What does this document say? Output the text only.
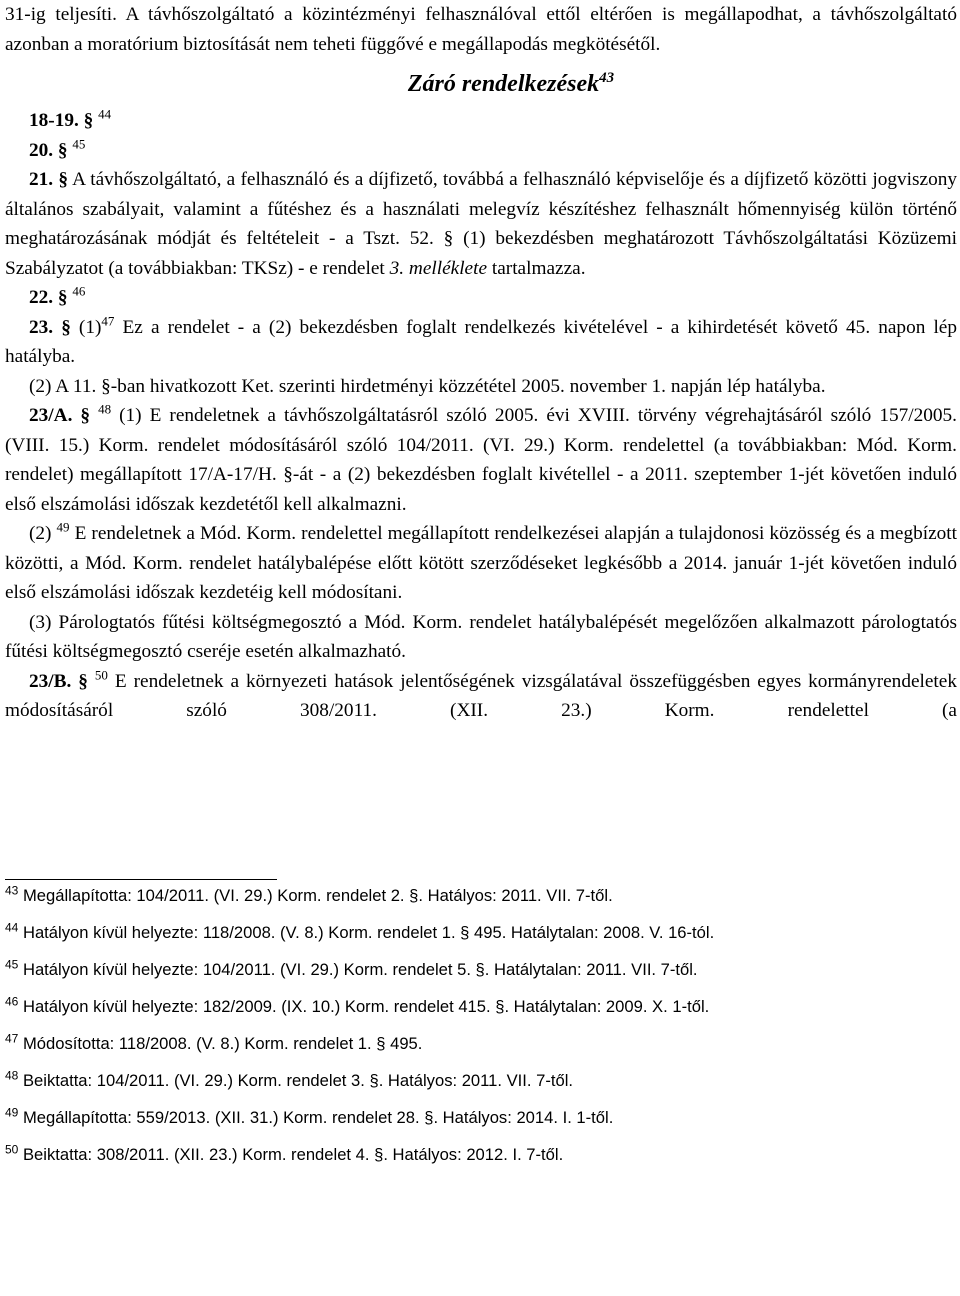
31-ig teljesíti. A távhőszolgáltató a közintézményi felhasználóval ettől eltérően is megállapodhat, a távhőszolgáltató azonban a moratórium biztosítását nem teheti függővé e megállapodás megkötésétől.

Záró rendelkezések$^{43}$

18-19. § $^{44}$

20. § $^{45}$

21. § A távhőszolgáltató, a felhasználó és a díjfizető, továbbá a felhasználó képviselője és a díjfizető közötti jogviszony általános szabályait, valamint a fűtéshez és a használati melegvíz készítéshez felhasznált hőmennyiség külön történő meghatározásának módját és feltételeit - a Tszt. 52. § (1) bekezdésben meghatározott Távhőszolgáltatási Közüzemi Szabályzatot (a továbbiakban: TKSz) - e rendelet 3. melléklete tartalmazza.

22. § $^{46}$

23. § $(1)^{47}$ Ez a rendelet - a (2) bekezdésben foglalt rendelkezés kivételével - a kihirdetését követő 45. napon lép hatályba.

(2) A 11. §-ban hivatkozott Ket. szerinti hirdetményi közzététel 2005. november 1. napján lép hatályba.

23/A. § $^{48}$ (1) E rendeletnek a távhőszolgáltatásról szóló 2005. évi XVIII. törvény végrehajtásáról szóló 157/2005. (VIII. 15.) Korm. rendelet módosításáról szóló 104/2011. (VI. 29.) Korm. rendelettel (a továbbiakban: Mód. Korm. rendelet) megállapított 17/A-17/H. §-át - a (2) bekezdésben foglalt kivétellel - a 2011. szeptember 1-jét követően induló első elszámolási időszak kezdetétől kell alkalmazni.

(2) $^{49}$ E rendeletnek a Mód. Korm. rendelettel megállapított rendelkezései alapján a tulajdonosi közösség és a megbízott közötti, a Mód. Korm. rendelet hatálybalépése előtt kötött szerződéseket legkésőbb a 2014. január 1-jét követően induló első elszámolási időszak kezdetéig kell módosítani.

(3) Párologtatós fűtési költségmegosztó a Mód. Korm. rendelet hatálybalépését megelőzően alkalmazott párologtatós fűtési költségmegosztó cseréje esetén alkalmazható.

23/B. § $^{50}$ E rendeletnek a környezeti hatások jelentőségének vizsgálatával összefüggésben egyes kormányrendeletek módosításáról szóló 308/2011. (XII. 23.) Korm. rendelettel (a

$^{43}$ Megállapította: 104/2011. (VI. 29.) Korm. rendelet 2. §. Hatályos: 2011. VII. 7-től.

$^{44}$ Hatályon kívül helyezte: 118/2008. (V. 8.) Korm. rendelet 1. § 495. Hatálytalan: 2008. V. 16-tól.

$^{45}$ Hatályon kívül helyezte: 104/2011. (VI. 29.) Korm. rendelet 5. §. Hatálytalan: 2011. VII. 7-től.

$^{46}$ Hatályon kívül helyezte: 182/2009. (IX. 10.) Korm. rendelet 415. §. Hatálytalan: 2009. X. 1-től.

$^{47}$ Módosította: 118/2008. (V. 8.) Korm. rendelet 1. § 495.

$^{48}$ Beiktatta: 104/2011. (VI. 29.) Korm. rendelet 3. §. Hatályos: 2011. VII. 7-től.

$^{49}$ Megállapította: 559/2013. (XII. 31.) Korm. rendelet 28. §. Hatályos: 2014. I. 1-től.

$^{50}$ Beiktatta: 308/2011. (XII. 23.) Korm. rendelet 4. §. Hatályos: 2012. I. 7-től.
